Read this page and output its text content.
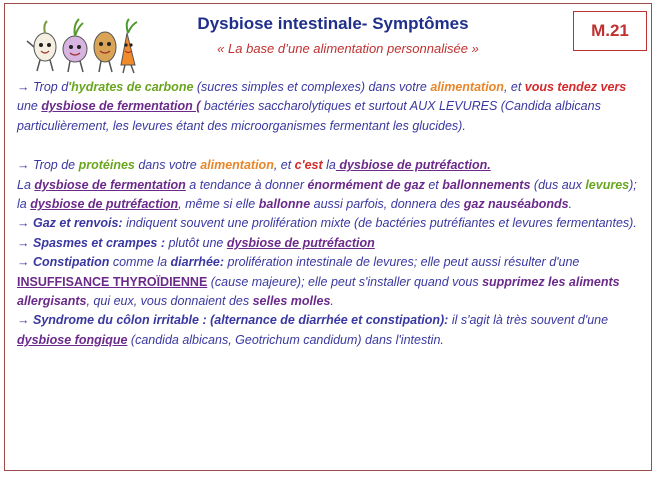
Dysbiose intestinale- Symptômes
« La base d’une alimentation personnalisée »
M.21

→ Trop d'hydrates de carbone (sucres simples et complexes) dans votre alimentation, et vous tendez vers une dysbiose de fermentation ( bactéries saccharolytiques et surtout AUX LEVURES (Candida albicans particulièrement, les levures étant des microorganismes fermentant les glucides).

→ Trop de protéines dans votre alimentation, et c'est la dysbiose de putréfaction.

La dysbiose de fermentation a tendance à donner énormément de gaz et ballonnements (dus aux levures); la dysbiose de putréfaction, même si elle ballonne aussi parfois, donnera des gaz nauséabonds.

→ Gaz et renvois: indiquent souvent une prolifération mixte (de bactéries putréfiantes et levures fermentantes).

→ Spasmes et crampes : plutôt une dysbiose de putréfaction

→ Constipation comme la diarrhée: prolifération intestinale de levures; elle peut aussi résulter d'une INSUFFISANCE THYROÏDIENNE (cause majeure); elle peut s'installer quand vous supprimez les aliments allergisants, qui eux, vous donnaient des selles molles.

→ Syndrome du côlon irritable : (alternance de diarrhée et constipation): il s'agit là très souvent d'une dysbiose fongique (candida albicans, Geotrichum candidum) dans l'intestin.
